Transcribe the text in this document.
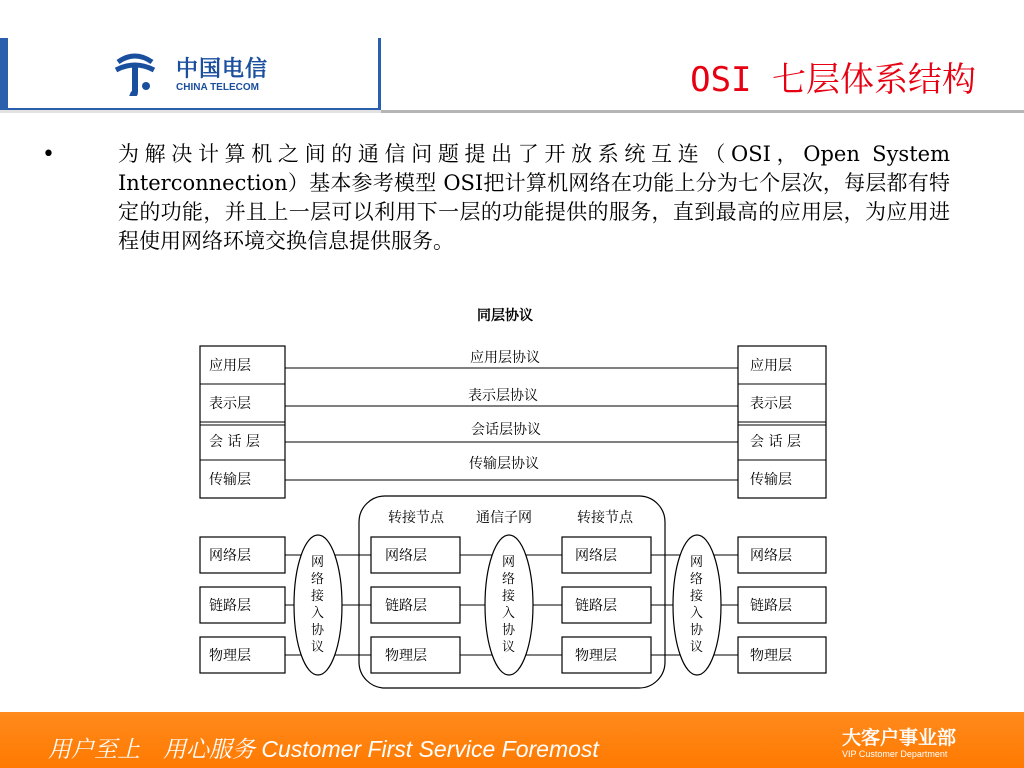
中国电信
CHINA TELECOM	OSI 七层体系结构
•	为解决计算机之间的通信问题提出了开放系统互连（OSI，Open System Interconnection）基本参考模型 OSI把计算机网络在功能上分为七个层次，每层都有特定的功能，并且上一层可以利用下一层的功能提供的服务，直到最高的应用层，为应用进程使用网络环境交换信息提供服务。
同层协议
应用层
表示层
会 话 层
传输层
应用层
表示层
会 话 层
传输层
应用层协议
表示层协议
会话层协议
传输层协议
转接节点 通信子网	转接节点
网络层
链路层
物理层
网络层
链路层
物理层
网络层
链路层
物理层
网络层
链路层
物理层
网
络
接
入
协
议
网
络
接
入
协
议
网
络
接
入
协
议
用户至上　用心服务 Customer First Service Foremost	大客户事业部
VIP Customer Department
